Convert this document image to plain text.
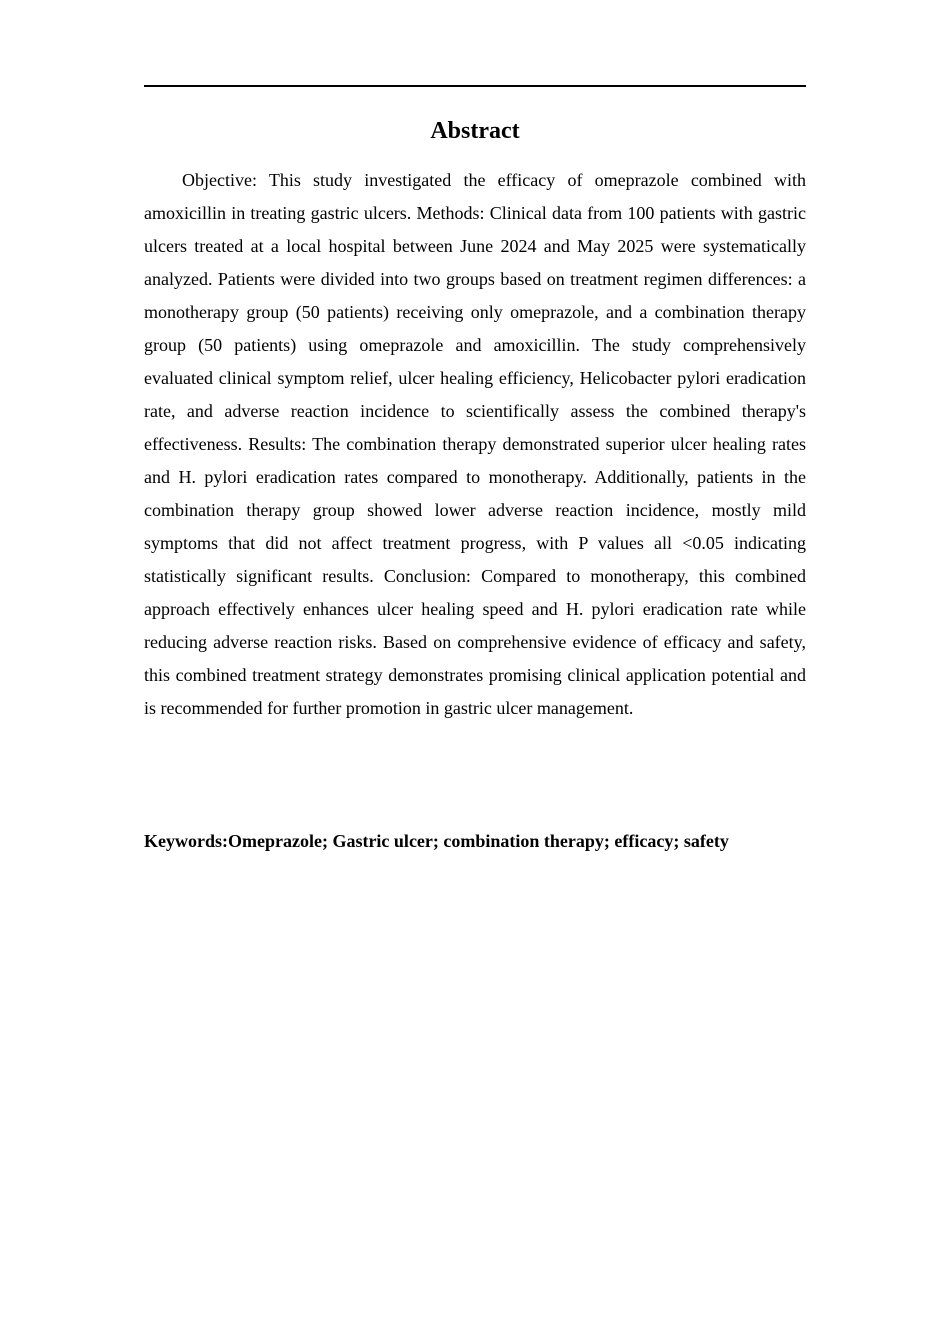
Abstract

Objective: This study investigated the efficacy of omeprazole combined with amoxicillin in treating gastric ulcers. Methods: Clinical data from 100 patients with gastric ulcers treated at a local hospital between June 2024 and May 2025 were systematically analyzed. Patients were divided into two groups based on treatment regimen differences: a monotherapy group (50 patients) receiving only omeprazole, and a combination therapy group (50 patients) using omeprazole and amoxicillin. The study comprehensively evaluated clinical symptom relief, ulcer healing efficiency, Helicobacter pylori eradication rate, and adverse reaction incidence to scientifically assess the combined therapy's effectiveness. Results: The combination therapy demonstrated superior ulcer healing rates and H. pylori eradication rates compared to monotherapy. Additionally, patients in the combination therapy group showed lower adverse reaction incidence, mostly mild symptoms that did not affect treatment progress, with P values all <0.05 indicating statistically significant results. Conclusion: Compared to monotherapy, this combined approach effectively enhances ulcer healing speed and H. pylori eradication rate while reducing adverse reaction risks. Based on comprehensive evidence of efficacy and safety, this combined treatment strategy demonstrates promising clinical application potential and is recommended for further promotion in gastric ulcer management.

Keywords:Omeprazole; Gastric ulcer; combination therapy; efficacy; safety
